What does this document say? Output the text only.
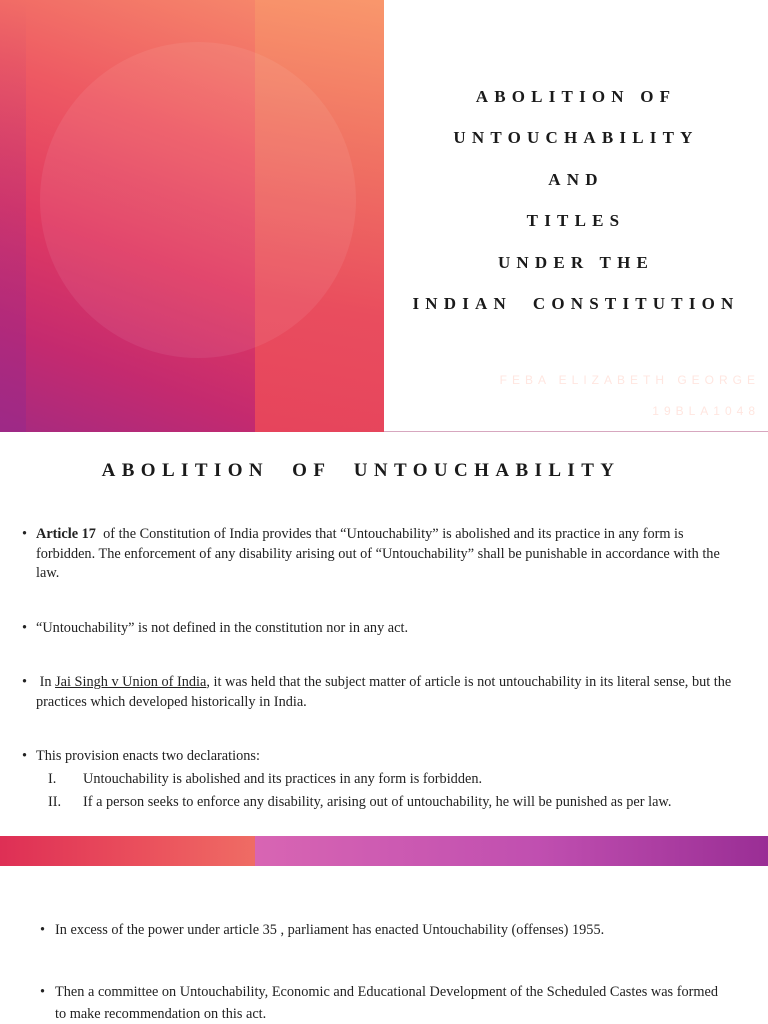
FEBA ELIZABETH GEORGE
19BLA1048
ABOLITION OF
UNTOUCHABILITY
AND
TITLES
UNDER THE
INDIAN  CONSTITUTION
ABOLITION OF UNTOUCHABILITY
• Article 17  of the Constitution of India provides that “Untouchability” is abolished and its practice in any form is forbidden. The enforcement of any disability arising out of “Untouchability” shall be punishable in accordance with the law.
• “Untouchability” is not defined in the constitution nor in any act.
• In Jai Singh v Union of India, it was held that the subject matter of article is not untouchability in its literal sense, but the practices which developed historically in India.
• This provision enacts two declarations:
I. Untouchability is abolished and its practices in any form is forbidden.
II. If a person seeks to enforce any disability, arising out of untouchability, he will be punished as per law.
• In excess of the power under article 35 , parliament has enacted Untouchability (offenses) 1955.
• Then a committee on Untouchability, Economic and Educational Development of the Scheduled Castes was formed to make recommendation on this act.
